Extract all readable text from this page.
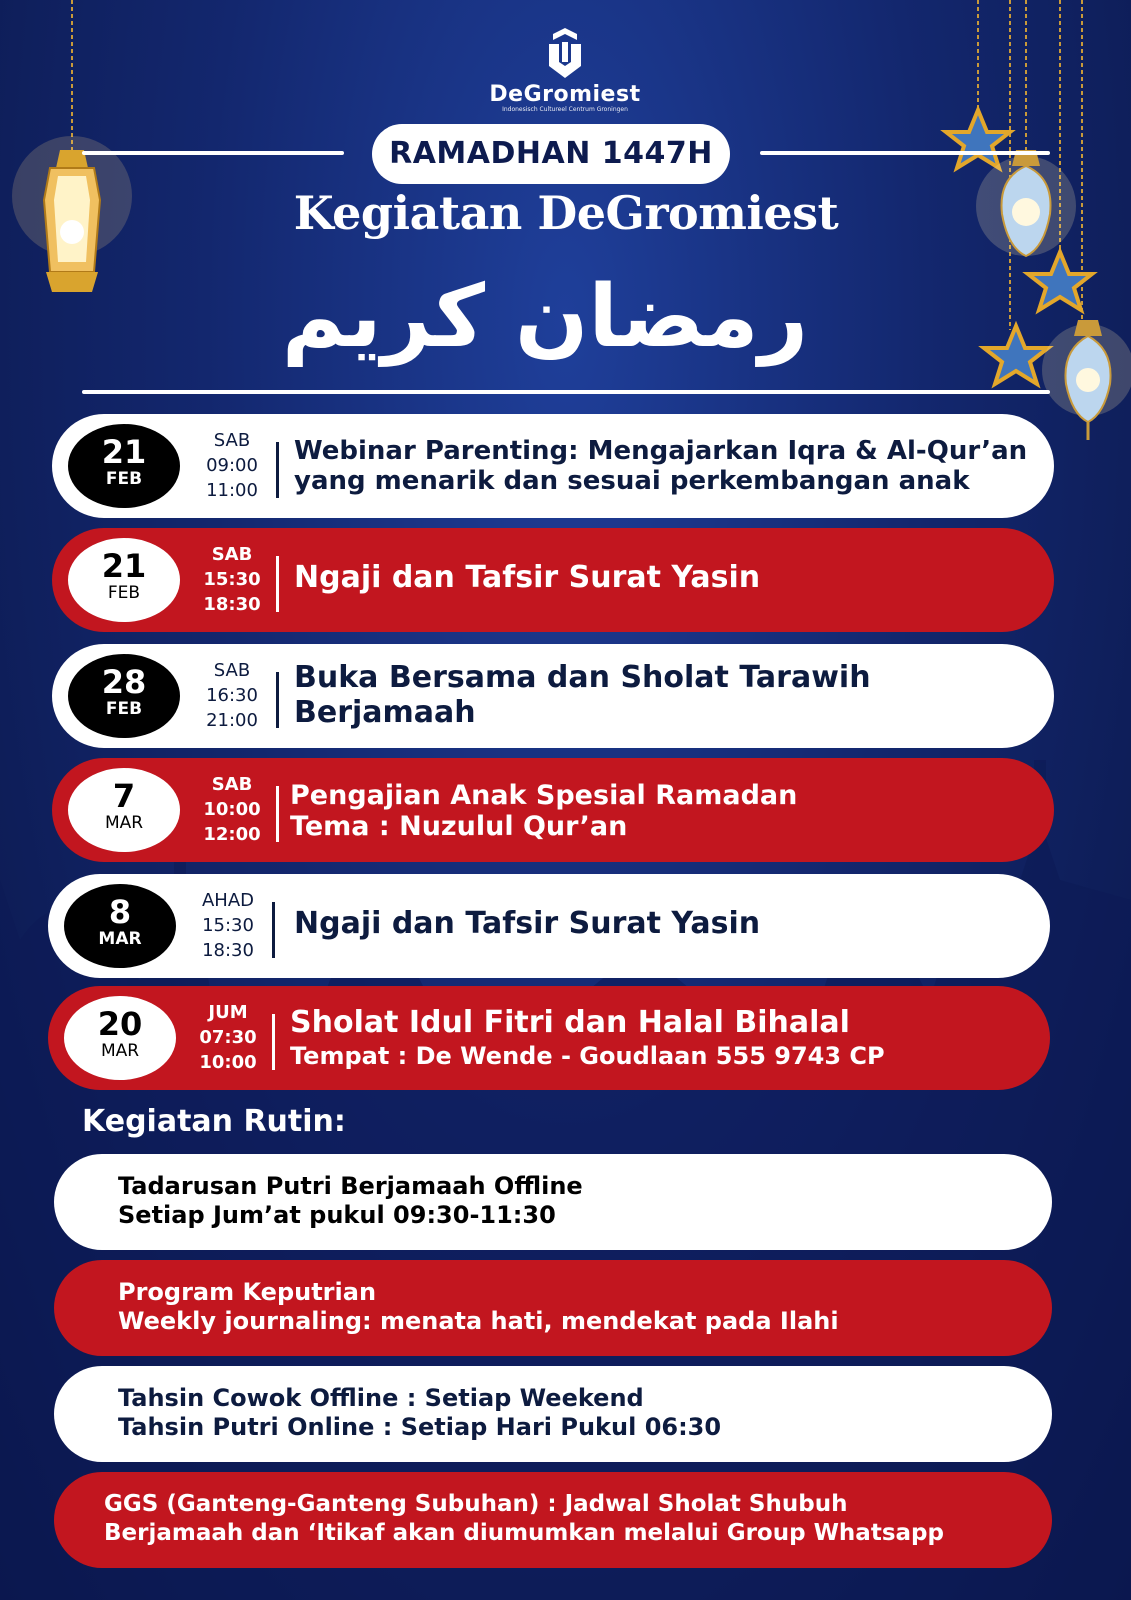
DeGromiest
Indonesisch Cultureel Centrum Groningen
RAMADHAN 1447H
Kegiatan DeGromiest
رمضان كريم
21
FEB
SAB
09:00
11:00
Webinar Parenting: Mengajarkan Iqra & Al-Qur’an
yang menarik dan sesuai perkembangan anak
21
FEB
SAB
15:30
18:30
Ngaji dan Tafsir Surat Yasin
28
FEB
SAB
16:30
21:00
Buka Bersama dan Sholat Tarawih
Berjamaah
7
MAR
SAB
10:00
12:00
Pengajian Anak Spesial Ramadan
Tema : Nuzulul Qur’an
8
MAR
AHAD
15:30
18:30
Ngaji dan Tafsir Surat Yasin
20
MAR
JUM
07:30
10:00
Sholat Idul Fitri dan Halal Bihalal
Tempat : De Wende - Goudlaan 555 9743 CP
Kegiatan Rutin:
Tadarusan Putri Berjamaah Offline
Setiap Jum’at pukul 09:30-11:30
Program Keputrian
Weekly journaling: menata hati, mendekat pada Ilahi
Tahsin Cowok Offline : Setiap Weekend
Tahsin Putri Online : Setiap Hari Pukul 06:30
GGS (Ganteng-Ganteng Subuhan) : Jadwal Sholat Shubuh
Berjamaah dan ‘Itikaf akan diumumkan melalui Group Whatsapp
